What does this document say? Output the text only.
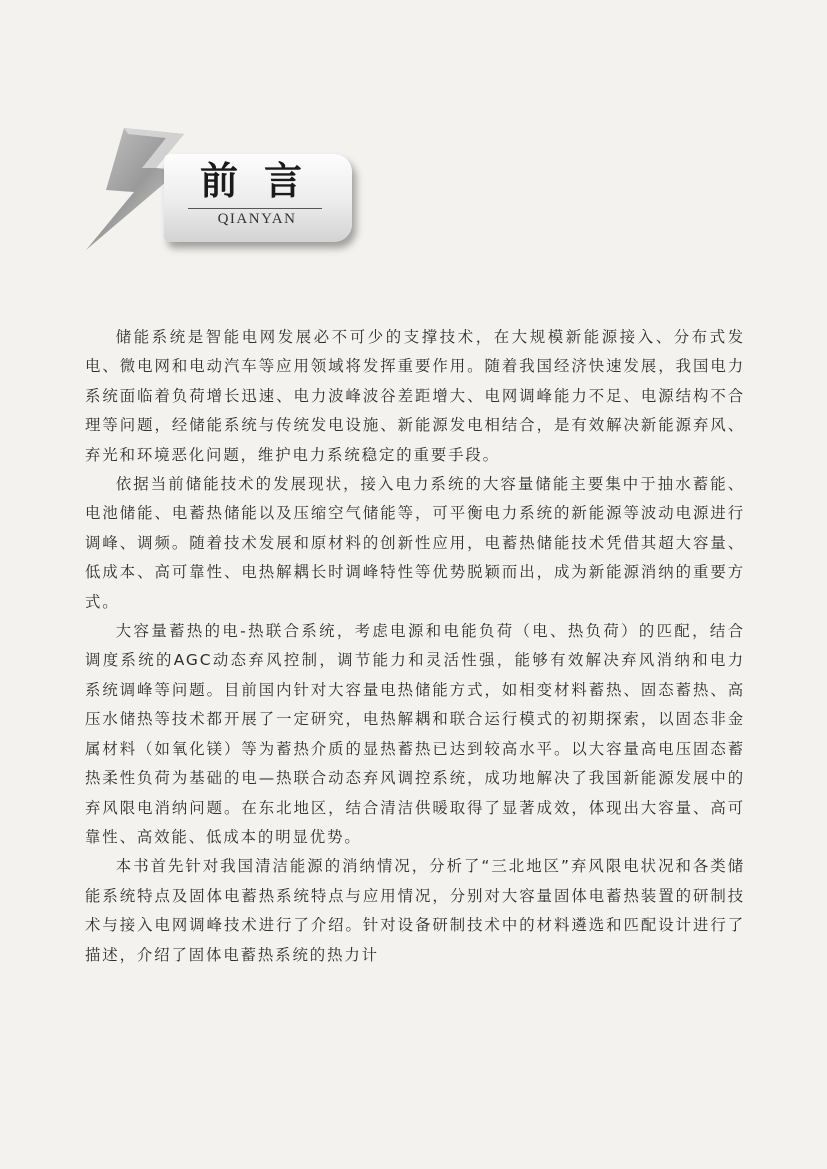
前言
QIANYAN

储能系统是智能电网发展必不可少的支撑技术，在大规模新能源接入、分布式发电、微电网和电动汽车等应用领域将发挥重要作用。随着我国经济快速发展，我国电力系统面临着负荷增长迅速、电力波峰波谷差距增大、电网调峰能力不足、电源结构不合理等问题，经储能系统与传统发电设施、新能源发电相结合，是有效解决新能源弃风、弃光和环境恶化问题，维护电力系统稳定的重要手段。

依据当前储能技术的发展现状，接入电力系统的大容量储能主要集中于抽水蓄能、电池储能、电蓄热储能以及压缩空气储能等，可平衡电力系统的新能源等波动电源进行调峰、调频。随着技术发展和原材料的创新性应用，电蓄热储能技术凭借其超大容量、低成本、高可靠性、电热解耦长时调峰特性等优势脱颖而出，成为新能源消纳的重要方式。

大容量蓄热的电-热联合系统，考虑电源和电能负荷（电、热负荷）的匹配，结合调度系统的AGC动态弃风控制，调节能力和灵活性强，能够有效解决弃风消纳和电力系统调峰等问题。目前国内针对大容量电热储能方式，如相变材料蓄热、固态蓄热、高压水储热等技术都开展了一定研究，电热解耦和联合运行模式的初期探索，以固态非金属材料（如氧化镁）等为蓄热介质的显热蓄热已达到较高水平。以大容量高电压固态蓄热柔性负荷为基础的电—热联合动态弃风调控系统，成功地解决了我国新能源发展中的弃风限电消纳问题。在东北地区，结合清洁供暖取得了显著成效，体现出大容量、高可靠性、高效能、低成本的明显优势。

本书首先针对我国清洁能源的消纳情况，分析了“三北地区”弃风限电状况和各类储能系统特点及固体电蓄热系统特点与应用情况，分别对大容量固体电蓄热装置的研制技术与接入电网调峰技术进行了介绍。针对设备研制技术中的材料遴选和匹配设计进行了描述，介绍了固体电蓄热系统的热力计
